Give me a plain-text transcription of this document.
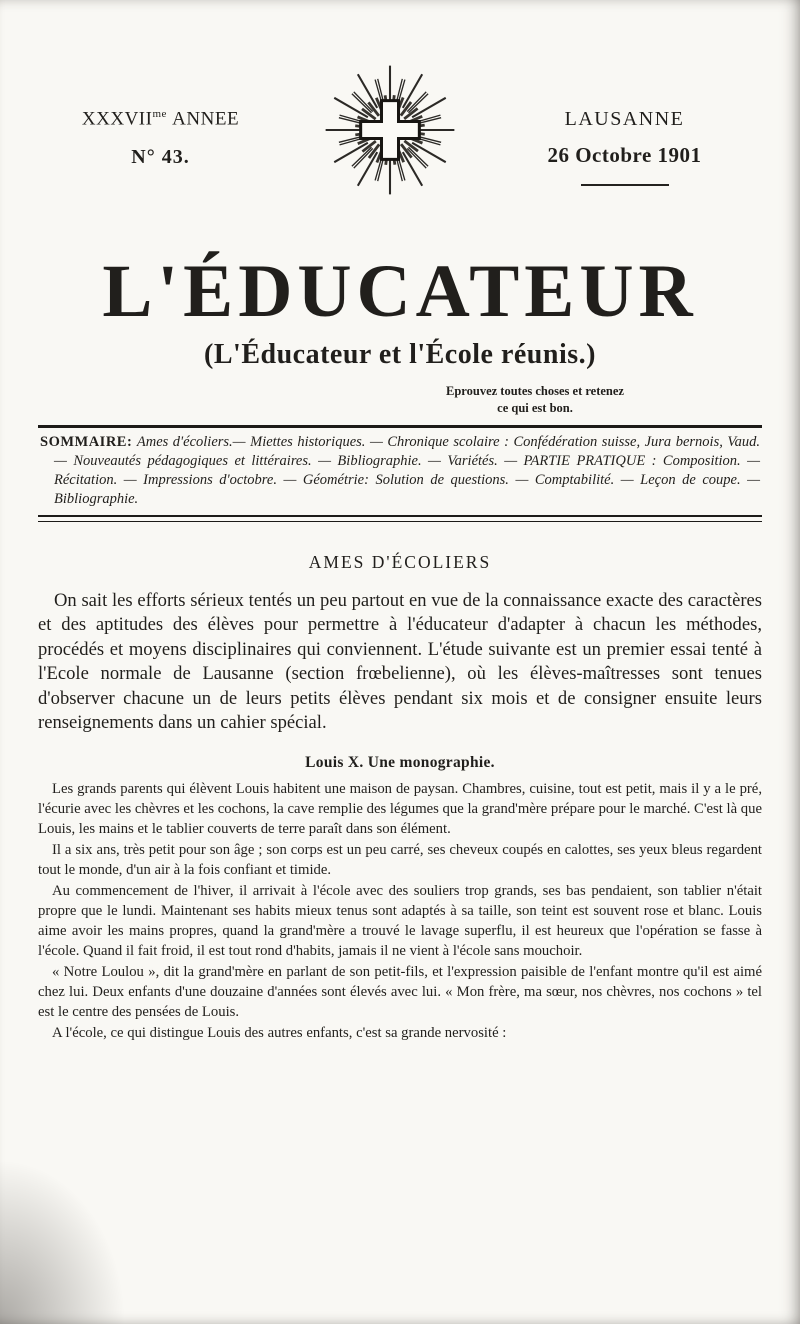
$XXXVII^{me}$ ANNEE
N° 43.
LAUSANNE
26 Octobre 1901
L'ÉDUCATEUR
(L'Éducateur et l'École réunis.)
Eprouvez toutes choses et retenez
ce qui est bon.

SOMMAIRE: Ames d'écoliers.— Miettes historiques. — Chronique scolaire : Confédération suisse, Jura bernois, Vaud. — Nouveautés pédagogiques et littéraires. — Bibliographie. — Variétés. — PARTIE PRATIQUE : Composition. — Récitation. — Impressions d'octobre. — Géométrie: Solution de questions. — Comptabilité. — Leçon de coupe. — Bibliographie.

AMES D'ÉCOLIERS

On sait les efforts sérieux tentés un peu partout en vue de la connaissance exacte des caractères et des aptitudes des élèves pour permettre à l'éducateur d'adapter à chacun les méthodes, procédés et moyens disciplinaires qui conviennent. L'étude suivante est un premier essai tenté à l'Ecole normale de Lausanne (section frœbelienne), où les élèves-maîtresses sont tenues d'observer chacune un de leurs petits élèves pendant six mois et de consigner ensuite leurs renseignements dans un cahier spécial.

Louis X. Une monographie.

Les grands parents qui élèvent Louis habitent une maison de paysan. Chambres, cuisine, tout est petit, mais il y a le pré, l'écurie avec les chèvres et les cochons, la cave remplie des légumes que la grand'mère prépare pour le marché. C'est là que Louis, les mains et le tablier couverts de terre paraît dans son élément.

Il a six ans, très petit pour son âge ; son corps est un peu carré, ses cheveux coupés en calottes, ses yeux bleus regardent tout le monde, d'un air à la fois confiant et timide.

Au commencement de l'hiver, il arrivait à l'école avec des souliers trop grands, ses bas pendaient, son tablier n'était propre que le lundi. Maintenant ses habits mieux tenus sont adaptés à sa taille, son teint est souvent rose et blanc. Louis aime avoir les mains propres, quand la grand'mère a trouvé le lavage superflu, il est heureux que l'opération se fasse à l'école. Quand il fait froid, il est tout rond d'habits, jamais il ne vient à l'école sans mouchoir.

« Notre Loulou », dit la grand'mère en parlant de son petit-fils, et l'expression paisible de l'enfant montre qu'il est aimé chez lui. Deux enfants d'une douzaine d'années sont élevés avec lui. « Mon frère, ma sœur, nos chèvres, nos cochons » tel est le centre des pensées de Louis.

A l'école, ce qui distingue Louis des autres enfants, c'est sa grande nervosité :
